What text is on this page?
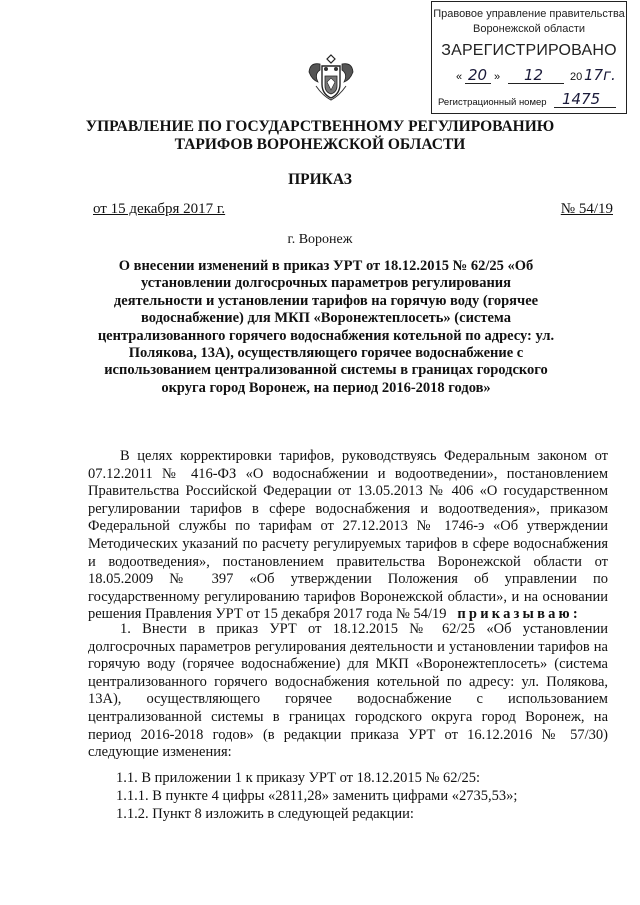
Правовое управление правительства
Воронежской области
ЗАРЕГИСТРИРОВАНО
« 20 » 12 20 17г.
Регистрационный номер 1475
УПРАВЛЕНИЕ ПО ГОСУДАРСТВЕННОМУ РЕГУЛИРОВАНИЮ
ТАРИФОВ ВОРОНЕЖСКОЙ ОБЛАСТИ
ПРИКАЗ
от 15 декабря 2017 г.	№ 54/19
г. Воронеж
О внесении изменений в приказ УРТ от 18.12.2015 № 62/25 «Об установлении долгосрочных параметров регулирования деятельности и установлении тарифов на горячую воду (горячее водоснабжение) для МКП «Воронежтеплосеть» (система централизованного горячего водоснабжения котельной по адресу: ул. Полякова, 13А), осуществляющего горячее водоснабжение с использованием централизованной системы в границах городского округа город Воронеж, на период 2016-2018 годов»
В целях корректировки тарифов, руководствуясь Федеральным законом от 07.12.2011 № 416-ФЗ «О водоснабжении и водоотведении», постановлением Правительства Российской Федерации от 13.05.2013 № 406 «О государственном регулировании тарифов в сфере водоснабжения и водоотведения», приказом Федеральной службы по тарифам от 27.12.2013 № 1746-э «Об утверждении Методических указаний по расчету регулируемых тарифов в сфере водоснабжения и водоотведения», постановлением правительства Воронежской области от 18.05.2009 № 397 «Об утверждении Положения об управлении по государственному регулированию тарифов Воронежской области», и на основании решения Правления УРТ от 15 декабря 2017 года № 54/19 приказываю:
1. Внести в приказ УРТ от 18.12.2015 № 62/25 «Об установлении долгосрочных параметров регулирования деятельности и установлении тарифов на горячую воду (горячее водоснабжение) для МКП «Воронежтеплосеть» (система централизованного горячего водоснабжения котельной по адресу: ул. Полякова, 13А), осуществляющего горячее водоснабжение с использованием централизованной системы в границах городского округа город Воронеж, на период 2016-2018 годов» (в редакции приказа УРТ от 16.12.2016 № 57/30) следующие изменения:
1.1. В приложении 1 к приказу УРТ от 18.12.2015 № 62/25:
1.1.1. В пункте 4 цифры «2811,28» заменить цифрами «2735,53»;
1.1.2. Пункт 8 изложить в следующей редакции:
